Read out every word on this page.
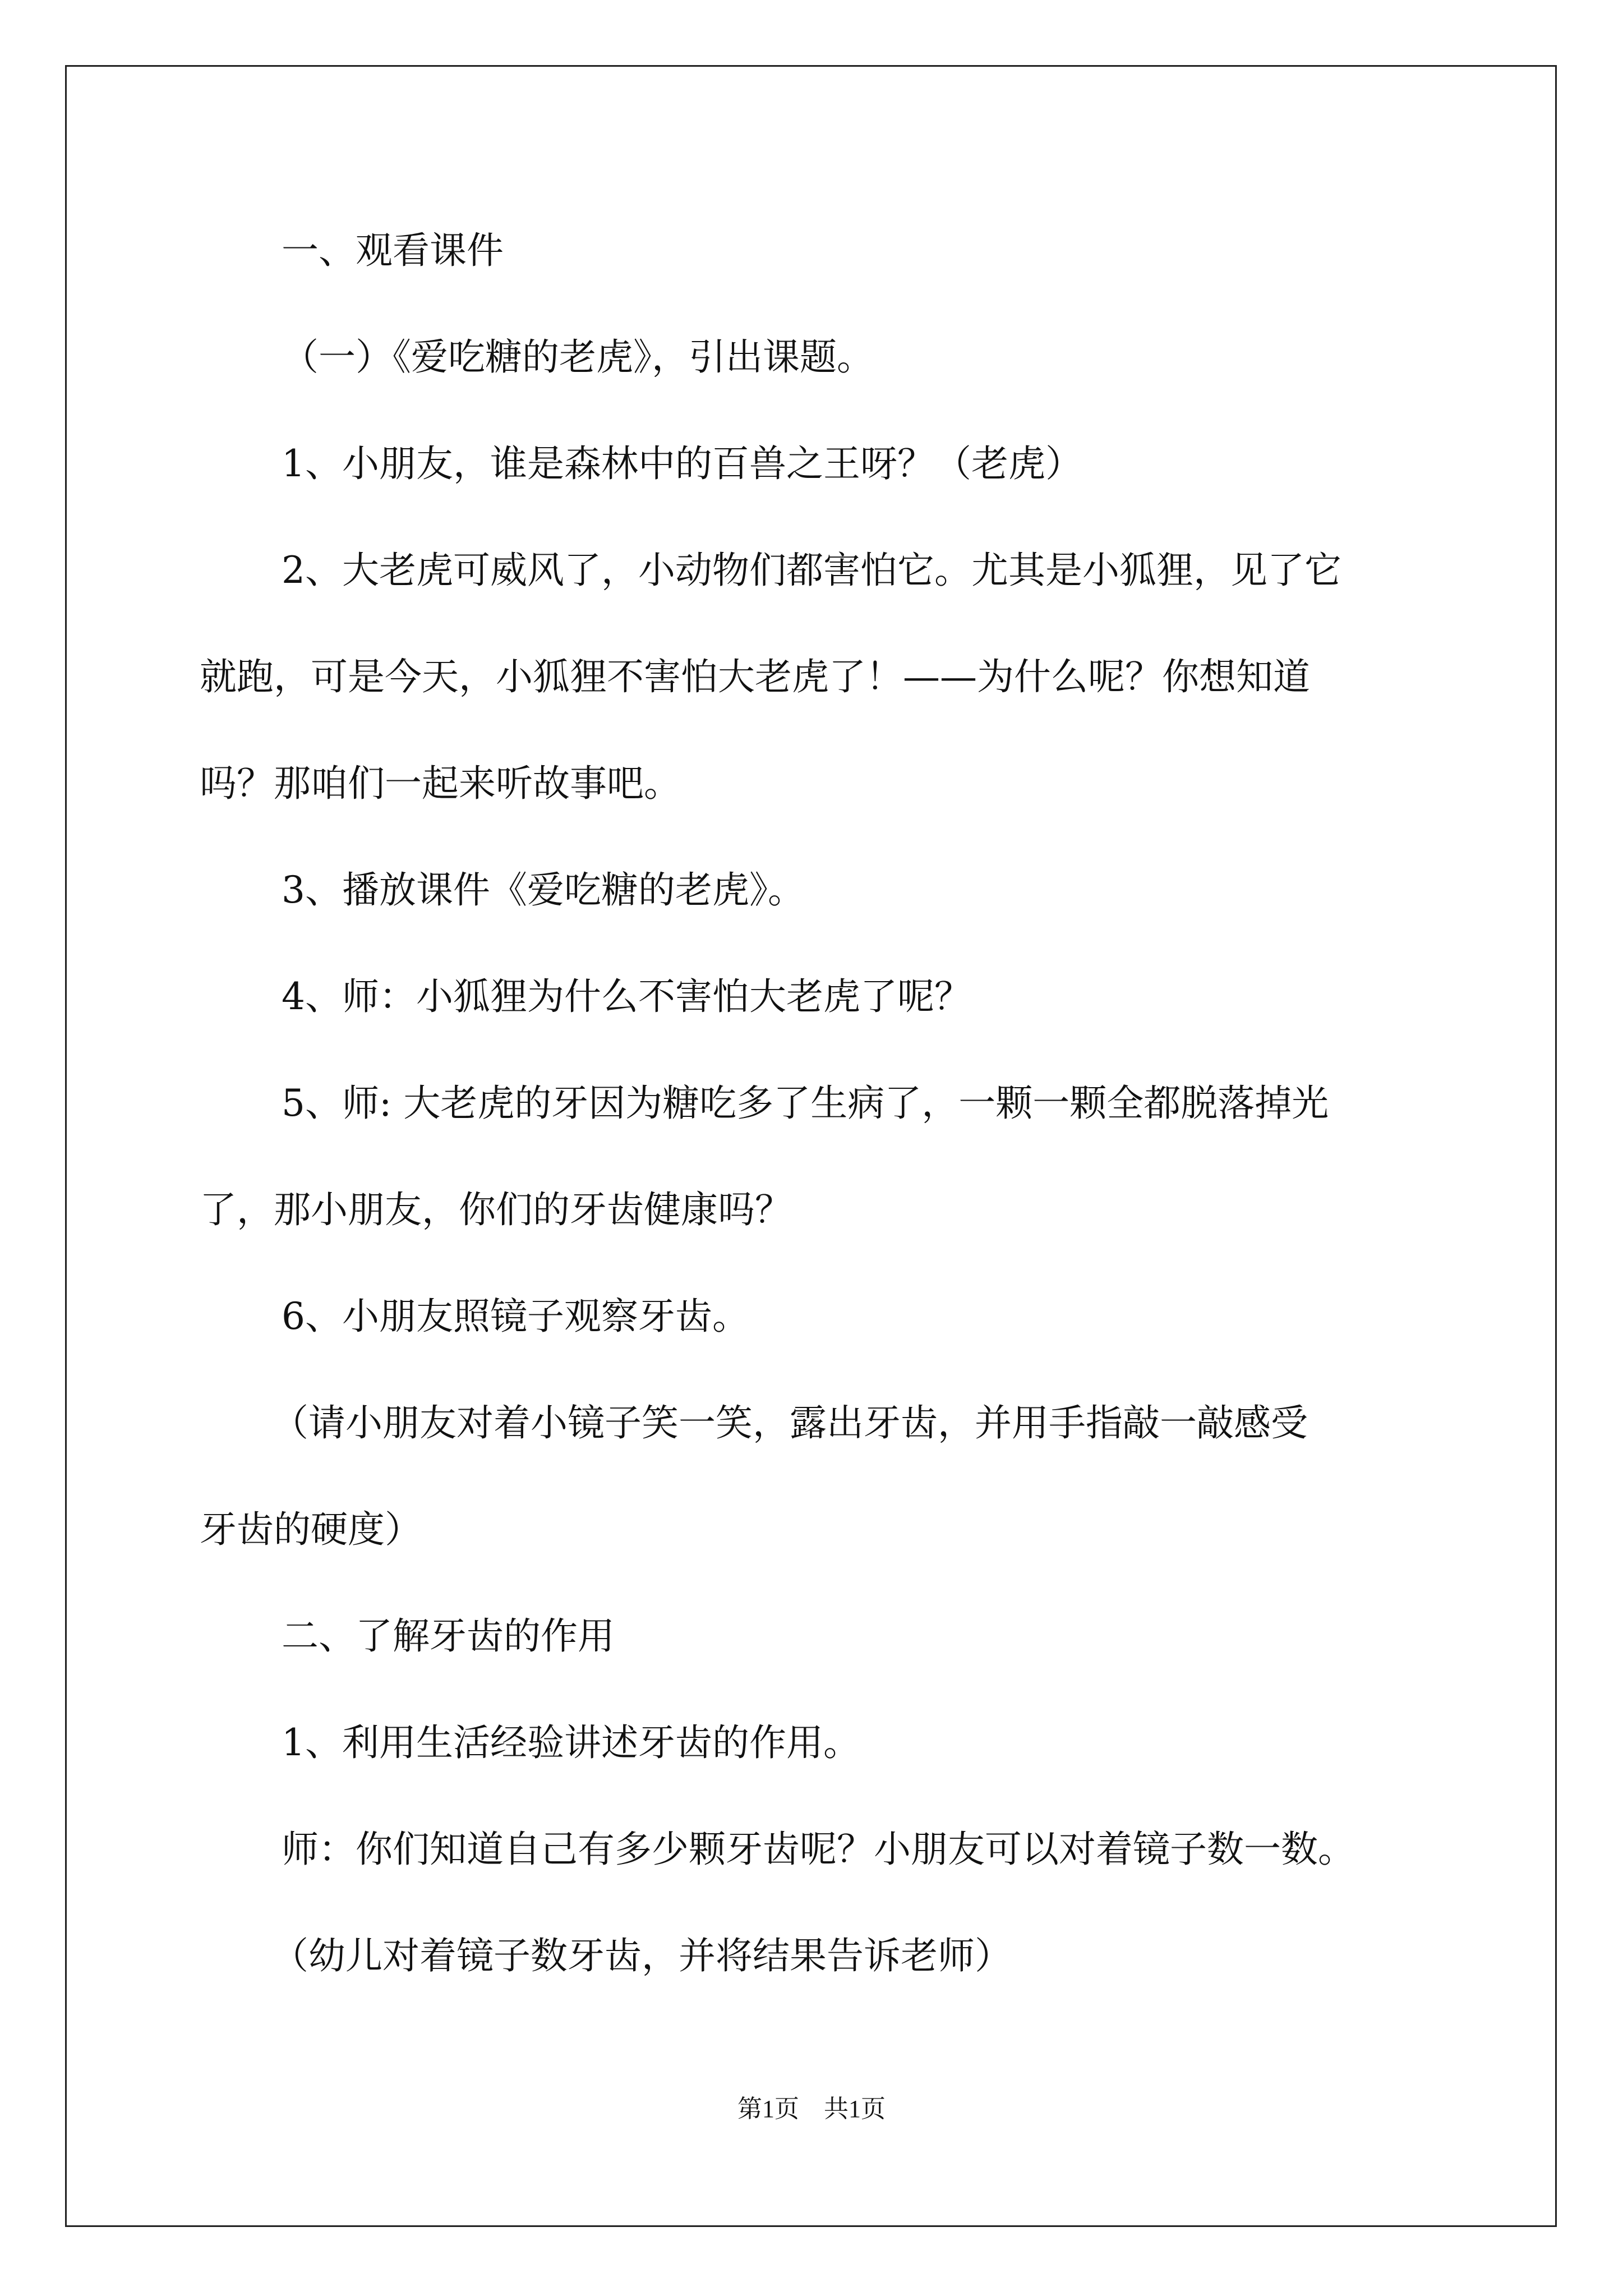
一、观看课件

（一）《爱吃糖的老虎》，引出课题。

1、小朋友，谁是森林中的百兽之王呀？（老虎）

2、大老虎可威风了，小动物们都害怕它。尤其是小狐狸，见了它

就跑，可是今天，小狐狸不害怕大老虎了！——为什么呢？你想知道

吗？那咱们一起来听故事吧。

3、播放课件《爱吃糖的老虎》。

4、师：小狐狸为什么不害怕大老虎了呢？

5、师: 大老虎的牙因为糖吃多了生病了，一颗一颗全都脱落掉光

了，那小朋友，你们的牙齿健康吗？

6、小朋友照镜子观察牙齿。

（请小朋友对着小镜子笑一笑，露出牙齿，并用手指敲一敲感受

牙齿的硬度）

二、了解牙齿的作用

1、利用生活经验讲述牙齿的作用。

师：你们知道自己有多少颗牙齿呢？小朋友可以对着镜子数一数。

（幼儿对着镜子数牙齿，并将结果告诉老师）

第1页 共1页
